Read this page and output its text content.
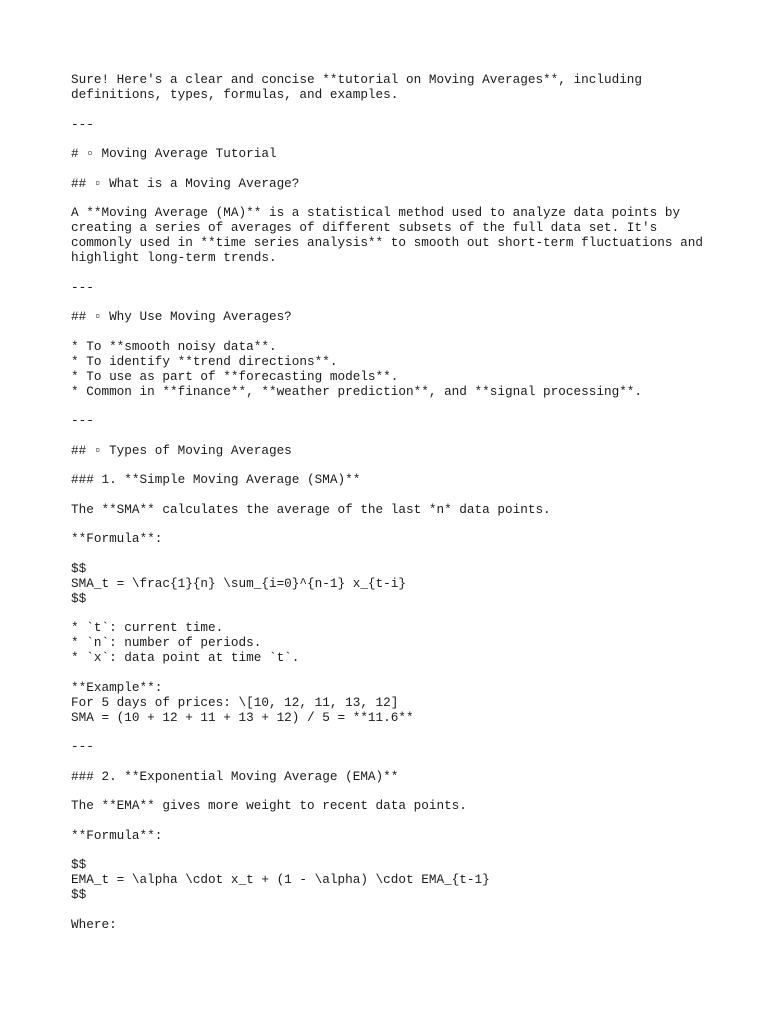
Sure! Here's a clear and concise **tutorial on Moving Averages**, including
definitions, types, formulas, and examples.
---
# ▫ Moving Average Tutorial
## ▫ What is a Moving Average?
A **Moving Average (MA)** is a statistical method used to analyze data points by
creating a series of averages of different subsets of the full data set. It's
commonly used in **time series analysis** to smooth out short-term fluctuations and
highlight long-term trends.
---
## ▫ Why Use Moving Averages?
* To **smooth noisy data**.
* To identify **trend directions**.
* To use as part of **forecasting models**.
* Common in **finance**, **weather prediction**, and **signal processing**.
---
## ▫ Types of Moving Averages
### 1. **Simple Moving Average (SMA)**
The **SMA** calculates the average of the last *n* data points.
**Formula**:
$$
SMA_t = \frac{1}{n} \sum_{i=0}^{n-1} x_{t-i}
$$
* `t`: current time.
* `n`: number of periods.
* `x`: data point at time `t`.
**Example**:
For 5 days of prices: \[10, 12, 11, 13, 12]
SMA = (10 + 12 + 11 + 13 + 12) / 5 = **11.6**
---
### 2. **Exponential Moving Average (EMA)**
The **EMA** gives more weight to recent data points.
**Formula**:
$$
EMA_t = \alpha \cdot x_t + (1 - \alpha) \cdot EMA_{t-1}
$$
Where:
